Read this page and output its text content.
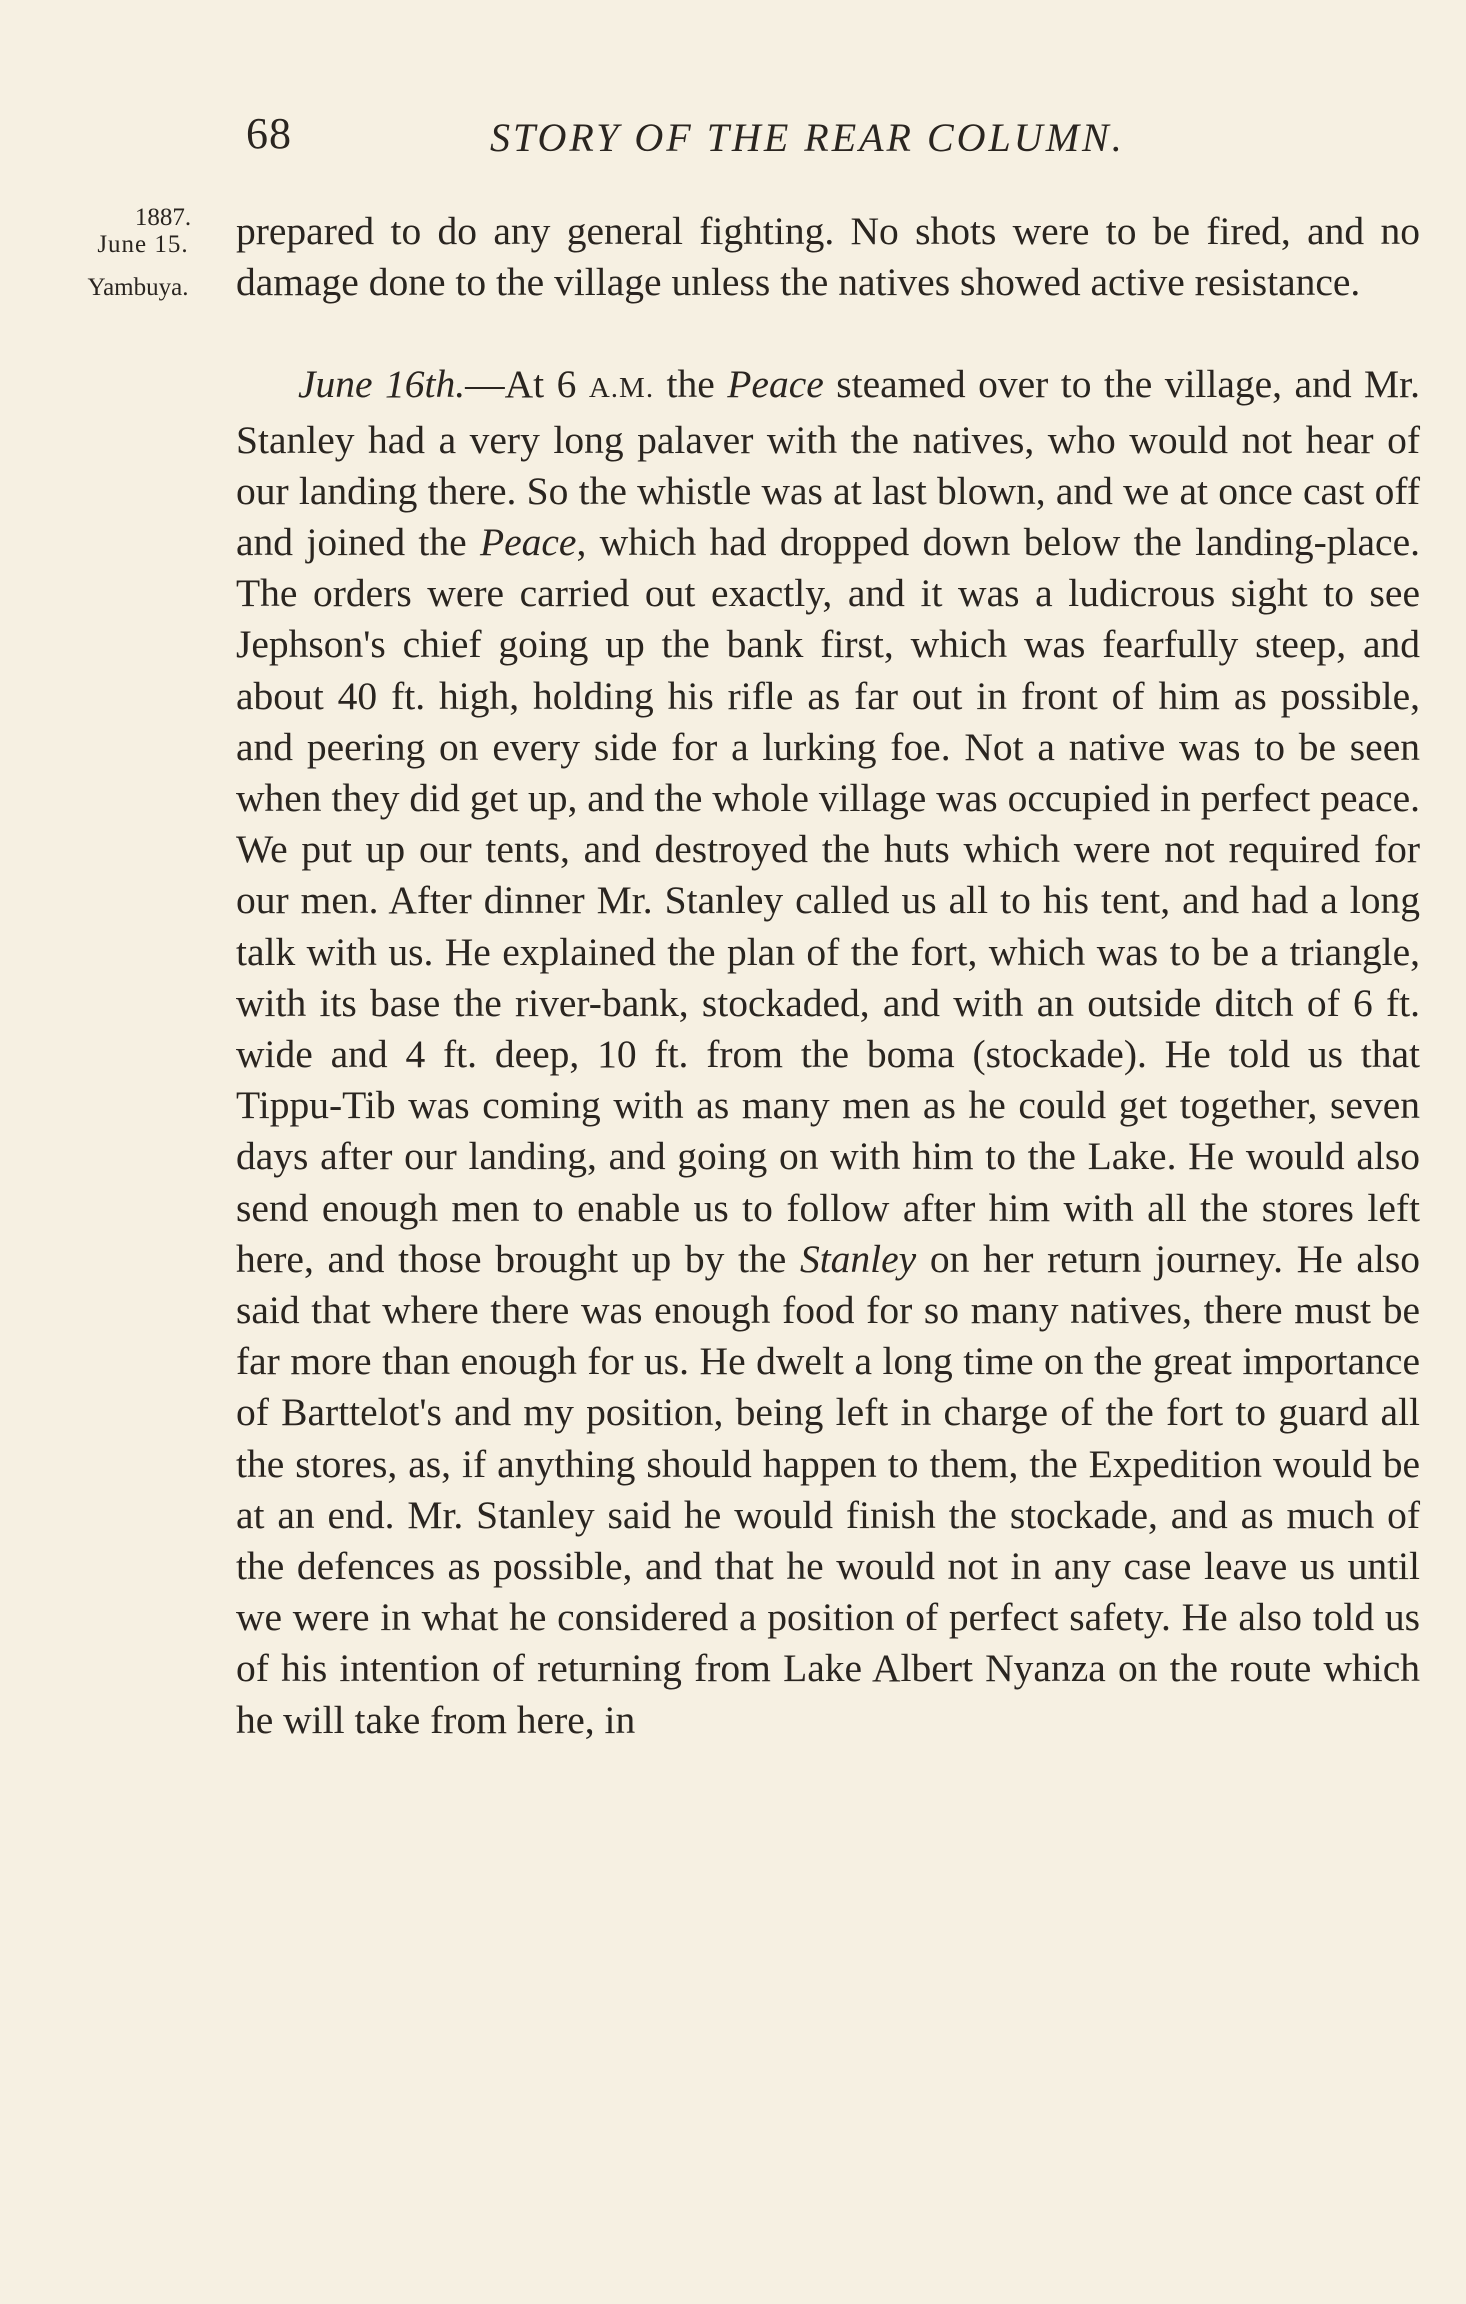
68	STORY OF THE REAR COLUMN.
1887.
June 15.
Yambuya.

prepared to do any general fighting. No shots were to be fired, and no damage done to the village unless the natives showed active resistance.

June 16th.—At 6 A.M. the Peace steamed over to the village, and Mr. Stanley had a very long palaver with the natives, who would not hear of our landing there. So the whistle was at last blown, and we at once cast off and joined the Peace, which had dropped down below the landing-place. The orders were carried out exactly, and it was a ludicrous sight to see Jephson's chief going up the bank first, which was fearfully steep, and about 40 ft. high, holding his rifle as far out in front of him as possible, and peering on every side for a lurking foe. Not a native was to be seen when they did get up, and the whole village was occupied in perfect peace. We put up our tents, and destroyed the huts which were not required for our men. After dinner Mr. Stanley called us all to his tent, and had a long talk with us. He explained the plan of the fort, which was to be a triangle, with its base the river-bank, stockaded, and with an outside ditch of 6 ft. wide and 4 ft. deep, 10 ft. from the boma (stockade). He told us that Tippu-Tib was coming with as many men as he could get together, seven days after our landing, and going on with him to the Lake. He would also send enough men to enable us to follow after him with all the stores left here, and those brought up by the Stanley on her return journey. He also said that where there was enough food for so many natives, there must be far more than enough for us. He dwelt a long time on the great importance of Barttelot's and my position, being left in charge of the fort to guard all the stores, as, if anything should happen to them, the Expedition would be at an end. Mr. Stanley said he would finish the stockade, and as much of the defences as possible, and that he would not in any case leave us until we were in what he considered a position of perfect safety. He also told us of his intention of returning from Lake Albert Nyanza on the route which he will take from here, in
